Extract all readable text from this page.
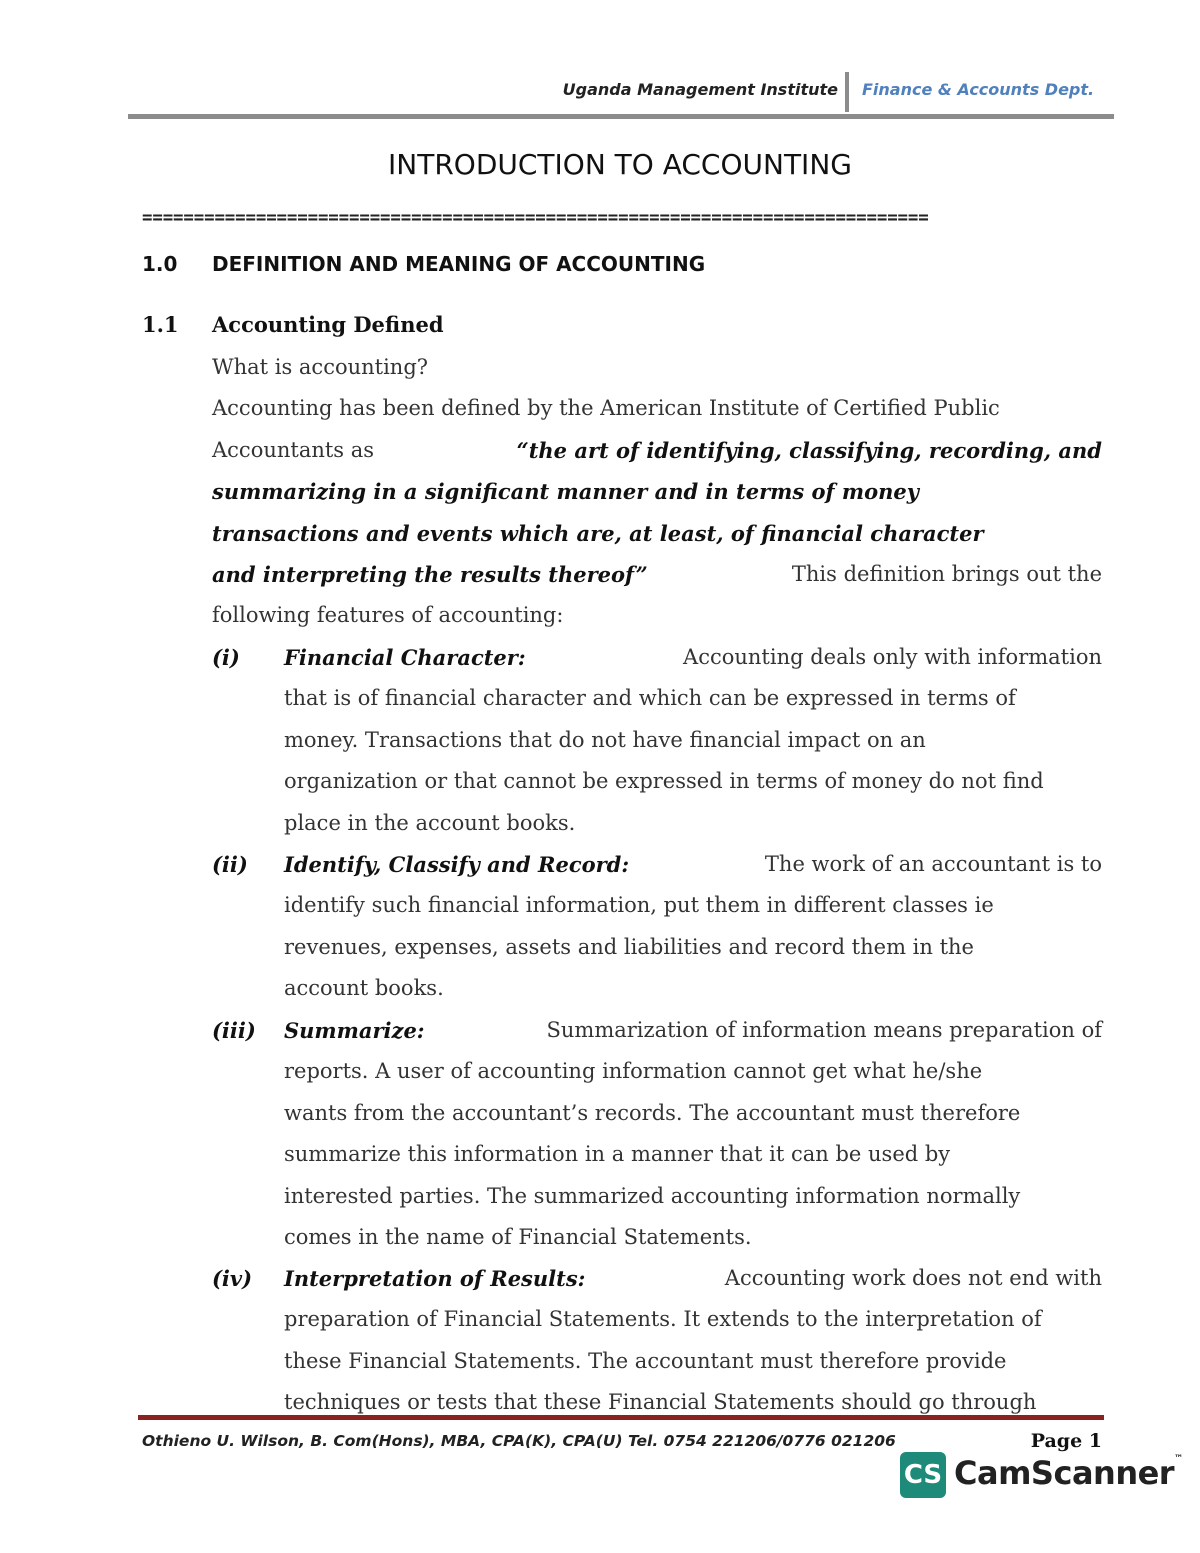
Uganda Management Institute Finance & Accounts Dept.
INTRODUCTION TO ACCOUNTING
============================================================================
1.0 DEFINITION AND MEANING OF ACCOUNTING
1.1 Accounting Defined
What is accounting?
Accounting has been defined by the American Institute of Certified Public
Accountants as	“the art of identifying, classifying, recording, and
summarizing in a significant manner and in terms of money
transactions and events which are, at least, of financial character
and interpreting the results thereof”	This definition brings out the
following features of accounting:
(i) Financial Character:	Accounting deals only with information
that is of financial character and which can be expressed in terms of
money. Transactions that do not have financial impact on an
organization or that cannot be expressed in terms of money do not find
place in the account books.
(ii) Identify, Classify and Record:	The work of an accountant is to
identify such financial information, put them in different classes ie
revenues, expenses, assets and liabilities and record them in the
account books.
(iii) Summarize:	Summarization of information means preparation of
reports. A user of accounting information cannot get what he/she
wants from the accountant’s records. The accountant must therefore
summarize this information in a manner that it can be used by
interested parties. The summarized accounting information normally
comes in the name of Financial Statements.
(iv) Interpretation of Results:	Accounting work does not end with
preparation of Financial Statements. It extends to the interpretation of
these Financial Statements. The accountant must therefore provide
techniques or tests that these Financial Statements should go through
Othieno U. Wilson, B. Com(Hons), MBA, CPA(K), CPA(U) Tel. 0754 221206/0776 021206	Page 1
CS CamScanner™
